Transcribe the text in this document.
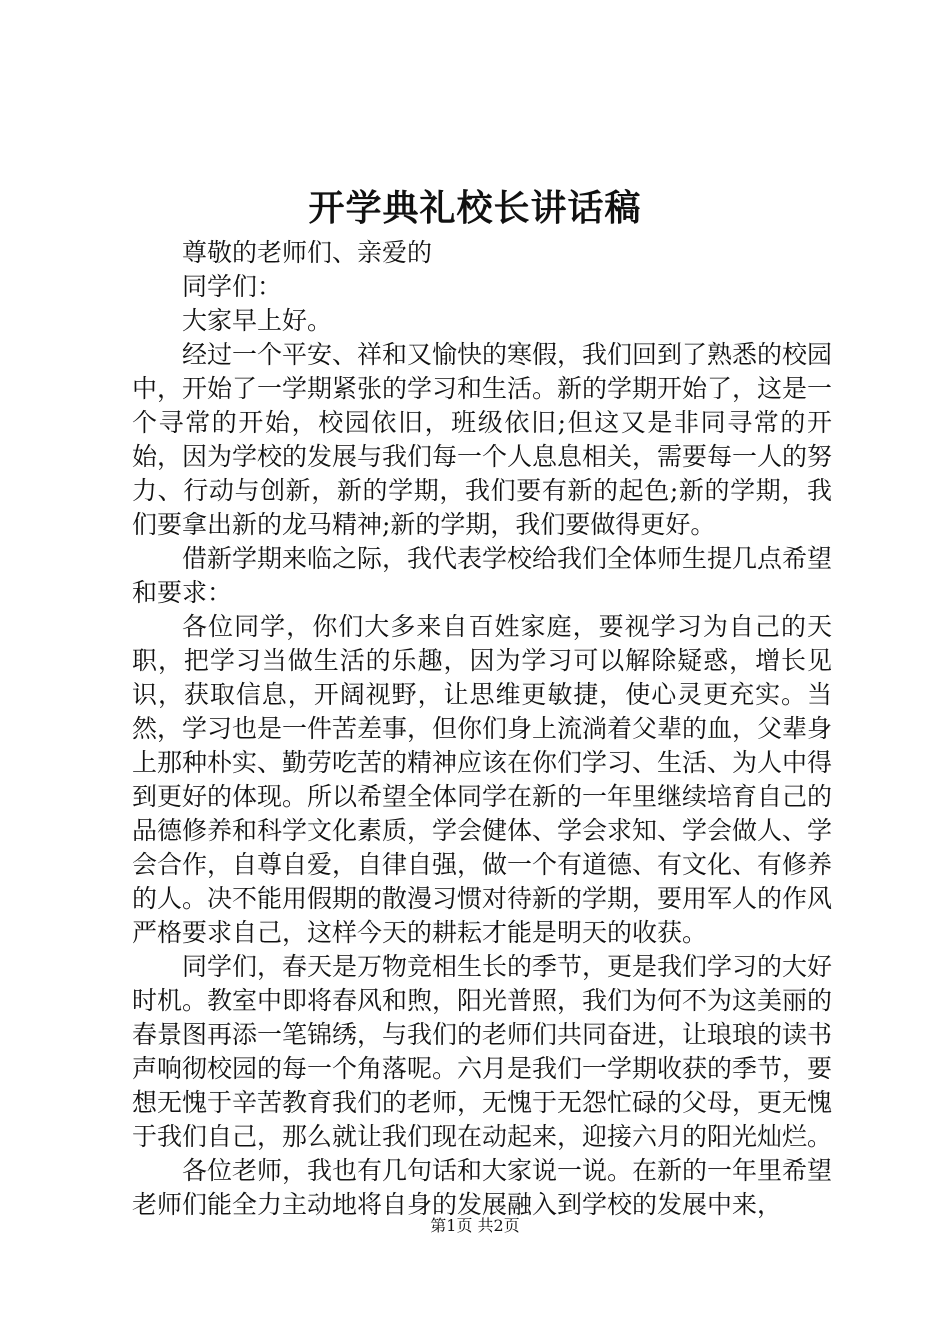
开学典礼校长讲话稿

尊敬的老师们、亲爱的

同学们：

大家早上好。

经过一个平安、祥和又愉快的寒假，我们回到了熟悉的校园中，开始了一学期紧张的学习和生活。新的学期开始了，这是一个寻常的开始，校园依旧，班级依旧;但这又是非同寻常的开始，因为学校的发展与我们每一个人息息相关，需要每一人的努力、行动与创新，新的学期，我们要有新的起色;新的学期，我们要拿出新的龙马精神;新的学期，我们要做得更好。

借新学期来临之际，我代表学校给我们全体师生提几点希望和要求：

各位同学，你们大多来自百姓家庭，要视学习为自己的天职，把学习当做生活的乐趣，因为学习可以解除疑惑，增长见识，获取信息，开阔视野，让思维更敏捷，使心灵更充实。当然，学习也是一件苦差事，但你们身上流淌着父辈的血，父辈身上那种朴实、勤劳吃苦的精神应该在你们学习、生活、为人中得到更好的体现。所以希望全体同学在新的一年里继续培育自己的品德修养和科学文化素质，学会健体、学会求知、学会做人、学会合作，自尊自爱，自律自强，做一个有道德、有文化、有修养的人。决不能用假期的散漫习惯对待新的学期，要用军人的作风严格要求自己，这样今天的耕耘才能是明天的收获。

同学们，春天是万物竞相生长的季节，更是我们学习的大好时机。教室中即将春风和煦，阳光普照，我们为何不为这美丽的春景图再添一笔锦绣，与我们的老师们共同奋进，让琅琅的读书声响彻校园的每一个角落呢。六月是我们一学期收获的季节，要想无愧于辛苦教育我们的老师，无愧于无怨忙碌的父母，更无愧于我们自己，那么就让我们现在动起来，迎接六月的阳光灿烂。

各位老师，我也有几句话和大家说一说。在新的一年里希望老师们能全力主动地将自身的发展融入到学校的发展中来，

第1页 共2页
